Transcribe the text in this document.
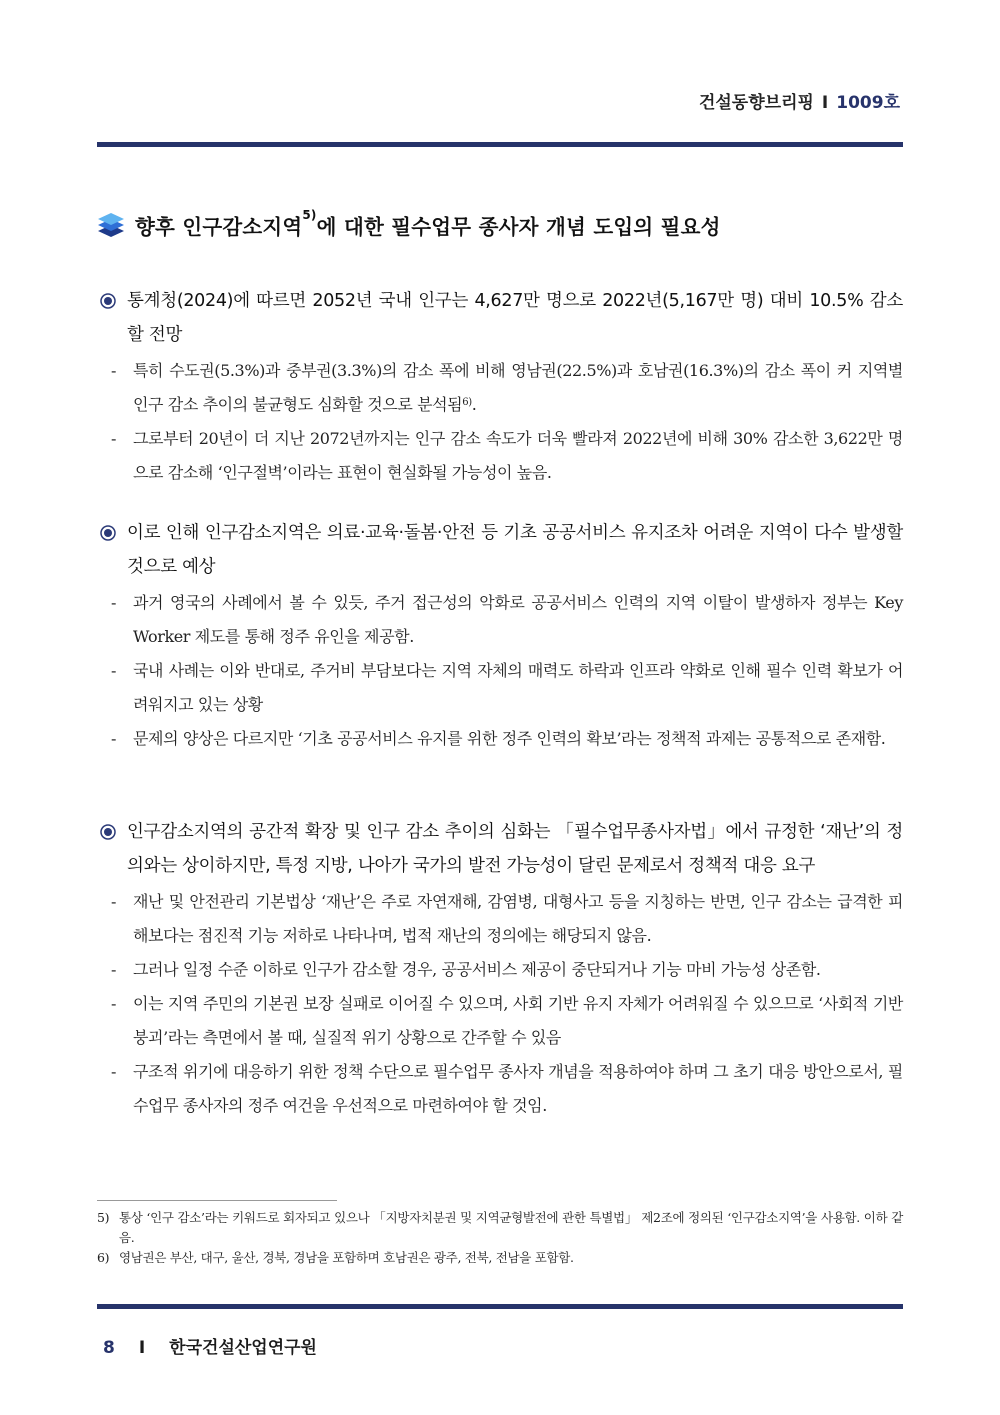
건설동향브리핑 I 1009호
향후 인구감소지역$^{5)}$에 대한 필수업무 종사자 개념 도입의 필요성
통계청(2024)에 따르면 2052년 국내 인구는 4,627만 명으로 2022년(5,167만 명) 대비 10.5% 감소할 전망
- 특히 수도권(5.3%)과 중부권(3.3%)의 감소 폭에 비해 영남권(22.5%)과 호남권(16.3%)의 감소 폭이 커 지역별 인구 감소 추이의 불균형도 심화할 것으로 분석됨$^{6)}$.
- 그로부터 20년이 더 지난 2072년까지는 인구 감소 속도가 더욱 빨라져 2022년에 비해 30% 감소한 3,622만 명으로 감소해 ‘인구절벽’이라는 표현이 현실화될 가능성이 높음.
이로 인해 인구감소지역은 의료·교육·돌봄·안전 등 기초 공공서비스 유지조차 어려운 지역이 다수 발생할 것으로 예상
- 과거 영국의 사례에서 볼 수 있듯, 주거 접근성의 악화로 공공서비스 인력의 지역 이탈이 발생하자 정부는 Key Worker 제도를 통해 정주 유인을 제공함.
- 국내 사례는 이와 반대로, 주거비 부담보다는 지역 자체의 매력도 하락과 인프라 약화로 인해 필수 인력 확보가 어려워지고 있는 상황
- 문제의 양상은 다르지만 ‘기초 공공서비스 유지를 위한 정주 인력의 확보’라는 정책적 과제는 공통적으로 존재함.
인구감소지역의 공간적 확장 및 인구 감소 추이의 심화는 「필수업무종사자법」에서 규정한 ‘재난’의 정의와는 상이하지만, 특정 지방, 나아가 국가의 발전 가능성이 달린 문제로서 정책적 대응 요구
- 재난 및 안전관리 기본법상 ‘재난’은 주로 자연재해, 감염병, 대형사고 등을 지칭하는 반면, 인구 감소는 급격한 피해보다는 점진적 기능 저하로 나타나며, 법적 재난의 정의에는 해당되지 않음.
- 그러나 일정 수준 이하로 인구가 감소할 경우, 공공서비스 제공이 중단되거나 기능 마비 가능성 상존함.
- 이는 지역 주민의 기본권 보장 실패로 이어질 수 있으며, 사회 기반 유지 자체가 어려워질 수 있으므로 ‘사회적 기반 붕괴’라는 측면에서 볼 때, 실질적 위기 상황으로 간주할 수 있음
- 구조적 위기에 대응하기 위한 정책 수단으로 필수업무 종사자 개념을 적용하여야 하며 그 초기 대응 방안으로서, 필수업무 종사자의 정주 여건을 우선적으로 마련하여야 할 것임.
5) 통상 ‘인구 감소’라는 키워드로 회자되고 있으나 「지방자치분권 및 지역균형발전에 관한 특별법」 제2조에 정의된 ‘인구감소지역’을 사용함. 이하 같음.
6) 영남권은 부산, 대구, 울산, 경북, 경남을 포함하며 호남권은 광주, 전북, 전남을 포함함.
8 I 한국건설산업연구원
